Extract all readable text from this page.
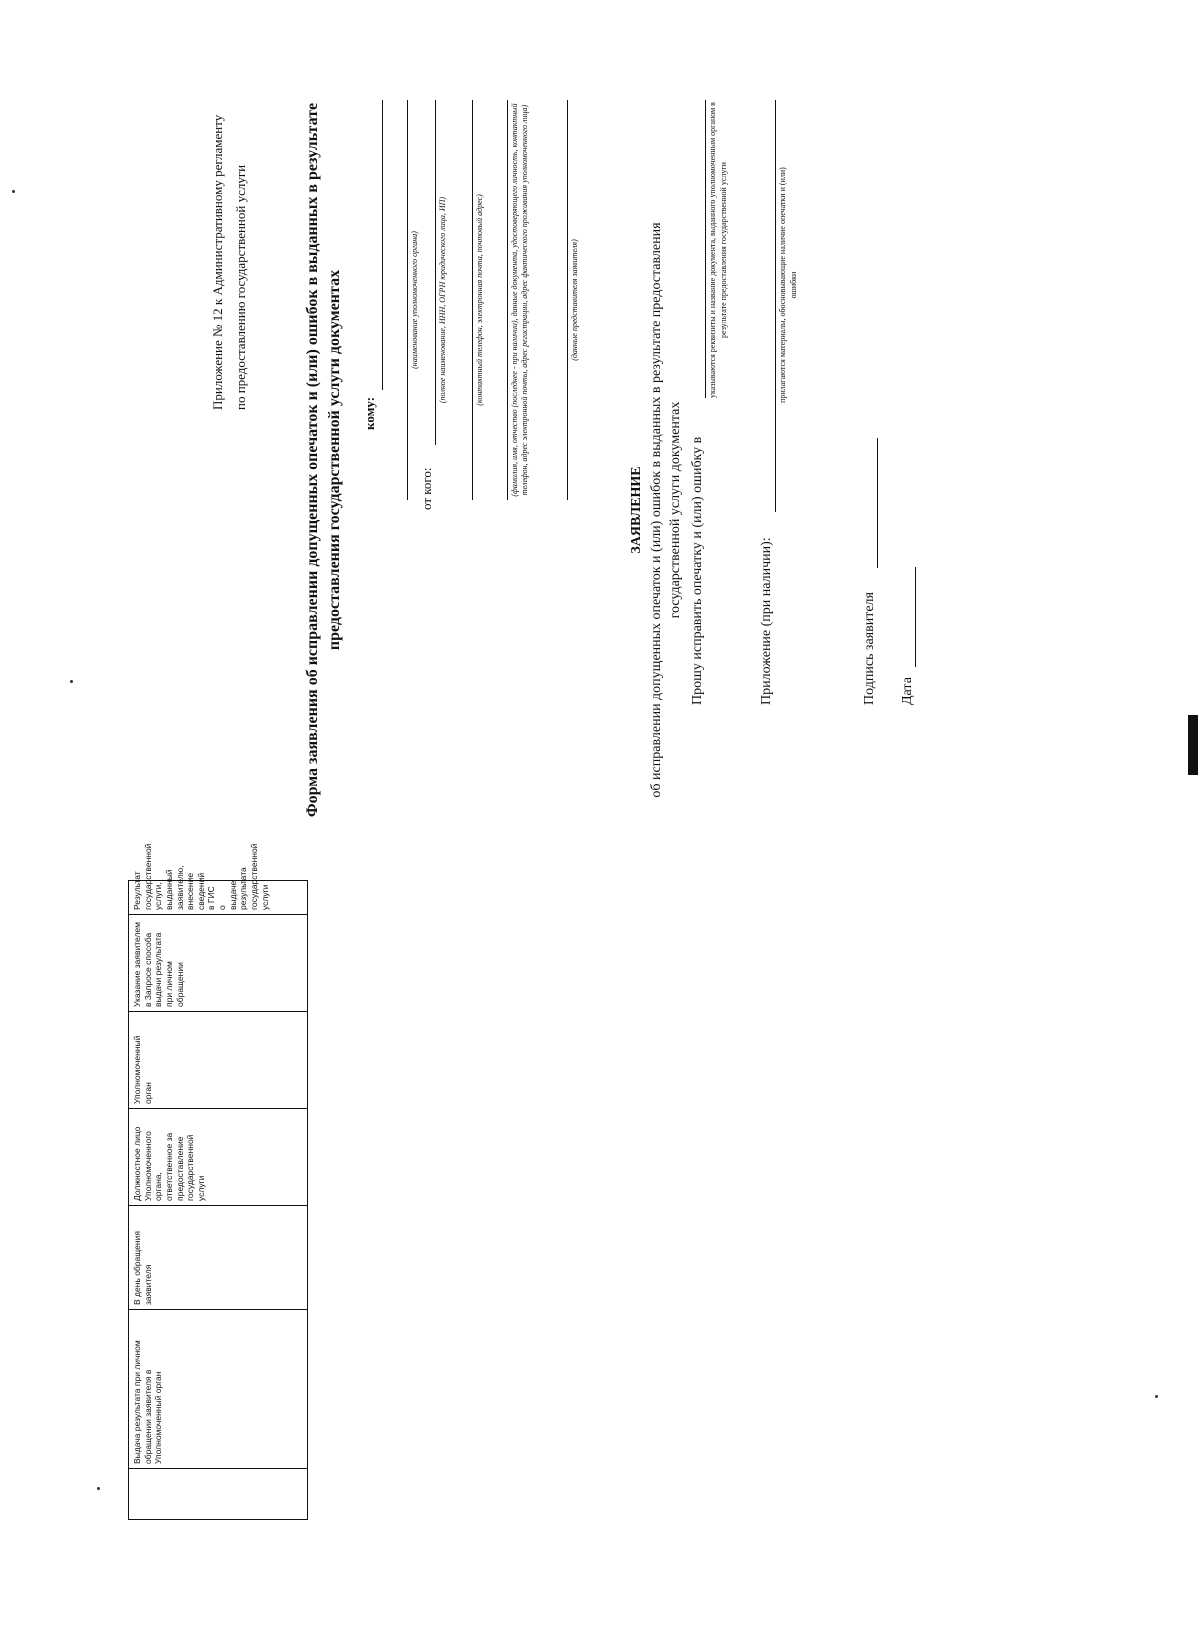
	Выдача результата при личном обращении заявителя в Уполномоченный орган	В день обращения заявителя	Должностное лицо Уполномоченного органа, ответственное за предоставление государственной услуги	Уполномоченный орган	Указание заявителем в Запросе способа выдачи результата при личном обращении	Результат государственной услуги, выданный заявителю, внесение сведений в ГИС о выдаче результата государственной услуги
Приложение № 12 к Административному регламенту по предоставлению государственной услуги	Форма заявления об исправлении допущенных опечаток и (или) ошибок в выданных в результате предоставления государственной услуги документах кому:
(наименование уполномоченного органа)
от кого:
(полное наименование, ИНН, ОГРН юридического лица, ИП)	(контактный телефон, электронная почта, почтовый адрес)	(фамилия, имя, отчество (последнее - при наличии), данные документа, удостоверяющего личность, контактный телефон, адрес электронной почты, адрес регистрации, адрес фактического проживания уполномоченного лица)	(данные представителя заявителя)
ЗАЯВЛЕНИЕ об исправлении допущенных опечаток и (или) ошибок в выданных в результате предоставления государственной услуги документах Прошу исправить опечатку и (или) ошибку в
указываются реквизиты и название документа, выданного уполномоченным органом в результате предоставления государственной услуги
Приложение (при наличии):
прилагаются материалы, обосновывающие наличие опечатки и (или) ошибки
Подпись заявителя Дата
